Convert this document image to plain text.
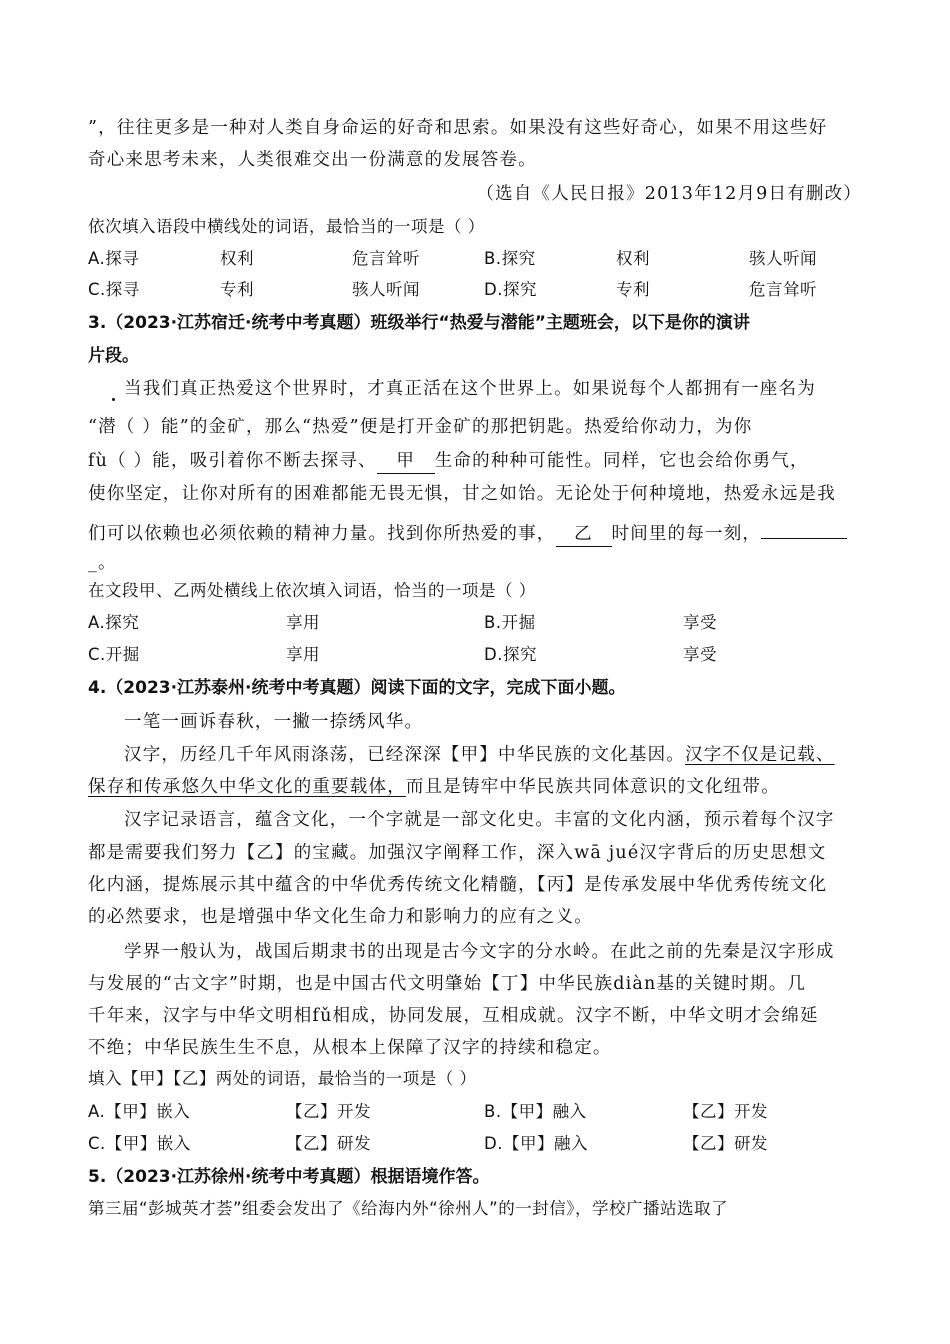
”，往往更多是一种对人类自身命运的好奇和思索。如果没有这些好奇心，如果不用这些好
奇心来思考未来，人类很难交出一份满意的发展答卷。
（选自《人民日报》2013年12月9日有删改）
依次填入语段中横线处的词语，最恰当的一项是（ ）
A.探寻	权利	危言耸听	B.探究	权利	骇人听闻
C.探寻	专利	骇人听闻	D.探究	专利	危言耸听
3.（2023·江苏宿迁·统考中考真题）班级举行“热爱与潜能”主题班会，以下是你的演讲
片段。
当我们真正热爱这个世界时，才真正活在这个世界上。如果说每个人都拥有一座名为
“潜（ ）能”的金矿，那么“热爱”便是打开金矿的那把钥匙。热爱给你动力，为你
fù（ ）能，吸引着你不断去探寻、 甲 生命的种种可能性。同样，它也会给你勇气，
使你坚定，让你对所有的困难都能无畏无惧，甘之如饴。无论处于何种境地，热爱永远是我
们可以依赖也必须依赖的精神力量。找到你所热爱的事， 乙 时间里的每一刻，
_。
在文段甲、乙两处横线上依次填入词语，恰当的一项是（ ）
A.探究	享用	B.开掘	享受
C.开掘	享用	D.探究	享受
4.（2023·江苏泰州·统考中考真题）阅读下面的文字，完成下面小题。
一笔一画诉春秋，一撇一捺绣风华。
汉字，历经几千年风雨涤荡，已经深深【甲】中华民族的文化基因。汉字不仅是记载、
保存和传承悠久中华文化的重要载体，而且是铸牢中华民族共同体意识的文化纽带。
汉字记录语言，蕴含文化，一个字就是一部文化史。丰富的文化内涵，预示着每个汉字
都是需要我们努力【乙】的宝藏。加强汉字阐释工作，深入wā jué汉字背后的历史思想文
化内涵，提炼展示其中蕴含的中华优秀传统文化精髓，【丙】是传承发展中华优秀传统文化
的必然要求，也是增强中华文化生命力和影响力的应有之义。
学界一般认为，战国后期隶书的出现是古今文字的分水岭。在此之前的先秦是汉字形成
与发展的“古文字”时期，也是中国古代文明肇始【丁】中华民族diàn基的关键时期。几
千年来，汉字与中华文明相fǔ相成，协同发展，互相成就。汉字不断，中华文明才会绵延
不绝；中华民族生生不息，从根本上保障了汉字的持续和稳定。
填入【甲】【乙】两处的词语，最恰当的一项是（ ）
A.【甲】嵌入	【乙】开发	B.【甲】融入	【乙】开发
C.【甲】嵌入	【乙】研发	D.【甲】融入	【乙】研发
5.（2023·江苏徐州·统考中考真题）根据语境作答。
第三届“彭城英才荟”组委会发出了《给海内外“徐州人”的一封信》，学校广播站选取了
